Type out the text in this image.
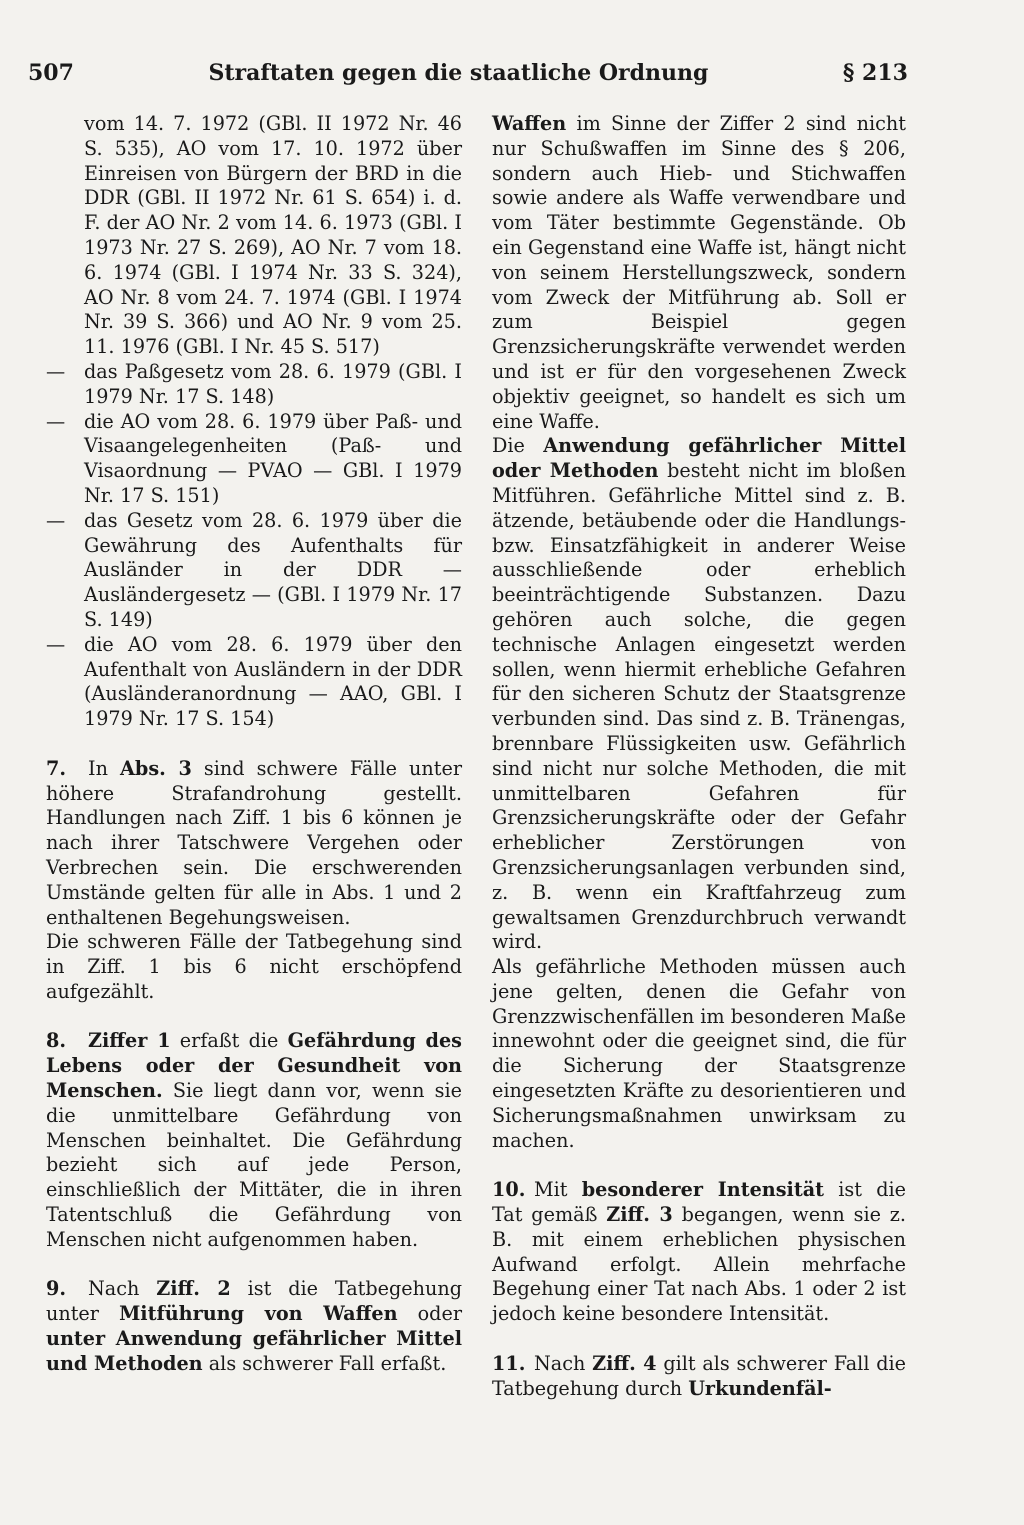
507	Straftaten gegen die staatliche Ordnung	§ 213

vom 14. 7. 1972 (GBl. II 1972 Nr. 46 S. 535), AO vom 17. 10. 1972 über Einreisen von Bürgern der BRD in die DDR (GBl. II 1972 Nr. 61 S. 654) i. d. F. der AO Nr. 2 vom 14. 6. 1973 (GBl. I 1973 Nr. 27 S. 269), AO Nr. 7 vom 18. 6. 1974 (GBl. I 1974 Nr. 33 S. 324), AO Nr. 8 vom 24. 7. 1974 (GBl. I 1974 Nr. 39 S. 366) und AO Nr. 9 vom 25. 11. 1976 (GBl. I Nr. 45 S. 517)

— das Paßgesetz vom 28. 6. 1979 (GBl. I 1979 Nr. 17 S. 148)
— die AO vom 28. 6. 1979 über Paß- und Visaangelegenheiten (Paß- und Visaordnung — PVAO — GBl. I 1979 Nr. 17 S. 151)
— das Gesetz vom 28. 6. 1979 über die Gewährung des Aufenthalts für Ausländer in der DDR — Ausländergesetz — (GBl. I 1979 Nr. 17 S. 149)
— die AO vom 28. 6. 1979 über den Aufenthalt von Ausländern in der DDR (Ausländeranordnung — AAO, GBl. I 1979 Nr. 17 S. 154)

7. In Abs. 3 sind schwere Fälle unter höhere Strafandrohung gestellt. Handlungen nach Ziff. 1 bis 6 können je nach ihrer Tatschwere Vergehen oder Verbrechen sein. Die erschwerenden Umstände gelten für alle in Abs. 1 und 2 enthaltenen Begehungsweisen.

Die schweren Fälle der Tatbegehung sind in Ziff. 1 bis 6 nicht erschöpfend aufgezählt.

8. Ziffer 1 erfaßt die Gefährdung des Lebens oder der Gesundheit von Menschen. Sie liegt dann vor, wenn sie die unmittelbare Gefährdung von Menschen beinhaltet. Die Gefährdung bezieht sich auf jede Person, einschließlich der Mittäter, die in ihren Tatentschluß die Gefährdung von Menschen nicht aufgenommen haben.

9. Nach Ziff. 2 ist die Tatbegehung unter Mitführung von Waffen oder unter Anwendung gefährlicher Mittel und Methoden als schwerer Fall erfaßt.

Waffen im Sinne der Ziffer 2 sind nicht nur Schußwaffen im Sinne des § 206, sondern auch Hieb- und Stichwaffen sowie andere als Waffe verwendbare und vom Täter bestimmte Gegenstände. Ob ein Gegenstand eine Waffe ist, hängt nicht von seinem Herstellungszweck, sondern vom Zweck der Mitführung ab. Soll er zum Beispiel gegen Grenzsicherungskräfte verwendet werden und ist er für den vorgesehenen Zweck objektiv geeignet, so handelt es sich um eine Waffe.

Die Anwendung gefährlicher Mittel oder Methoden besteht nicht im bloßen Mitführen. Gefährliche Mittel sind z. B. ätzende, betäubende oder die Handlungs- bzw. Einsatzfähigkeit in anderer Weise ausschließende oder erheblich beeinträchtigende Substanzen. Dazu gehören auch solche, die gegen technische Anlagen eingesetzt werden sollen, wenn hiermit erhebliche Gefahren für den sicheren Schutz der Staatsgrenze verbunden sind. Das sind z. B. Tränengas, brennbare Flüssigkeiten usw. Gefährlich sind nicht nur solche Methoden, die mit unmittelbaren Gefahren für Grenzsicherungskräfte oder der Gefahr erheblicher Zerstörungen von Grenzsicherungsanlagen verbunden sind, z. B. wenn ein Kraftfahrzeug zum gewaltsamen Grenzdurchbruch verwandt wird.

Als gefährliche Methoden müssen auch jene gelten, denen die Gefahr von Grenzzwischenfällen im besonderen Maße innewohnt oder die geeignet sind, die für die Sicherung der Staatsgrenze eingesetzten Kräfte zu desorientieren und Sicherungsmaßnahmen unwirksam zu machen.

10. Mit besonderer Intensität ist die Tat gemäß Ziff. 3 begangen, wenn sie z. B. mit einem erheblichen physischen Aufwand erfolgt. Allein mehrfache Begehung einer Tat nach Abs. 1 oder 2 ist jedoch keine besondere Intensität.

11. Nach Ziff. 4 gilt als schwerer Fall die Tatbegehung durch Urkundenfäl-
